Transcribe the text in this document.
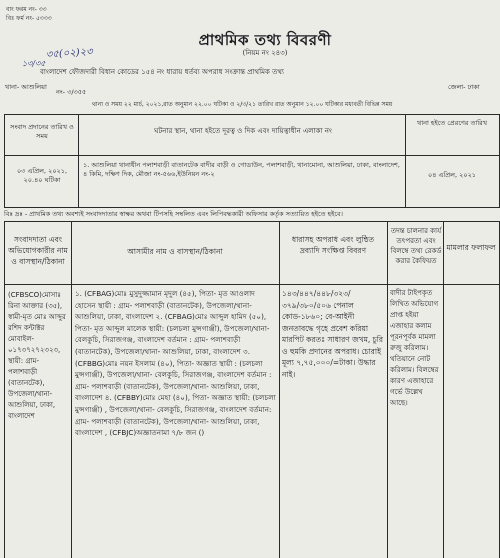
বাং ফরম নং- ৩৩
বিঃ ফর্ম নং- ৫৩৩৩
৩৫(০২)২৩
১৩/৩৫
প্রাথমিক তথ্য বিবরণী
(নিয়ম নং ২৪৩)
বাংলাদেশ ফৌজদারী বিধান কোডের ১৫৪ নং ধারায় ধর্তব্য অপরাধ সংক্রান্ত প্রাথমিক তথ্য
থানা- আশুলিয়া
নং- ৩/৩৫৫
জেলা- ঢাকা
থানা ও সময় ২২ মার্চ, ২০২১,রাত অনুমান ২২.০০ ঘটিকা ও ২/৩/২১ তারিখ রাত অনুমান ১২.০০ ঘটিকার মধ্যবর্তী বিভিন্ন সময়
সংবাদ প্রদানের তারিখ ও সময়
ঘটনার স্থান, থানা হইতে দূরত্ব ও দিক এবং দায়িত্বাধীন এলাকা নং
থানা হইতে প্রেরণের তারিখ
০৩ এপ্রিল, ২০২১, ২০.৪০ ঘটিকা
১. আশুলিয়া থানাধীন পলাশবাড়ী বাতানটেক বাদীর বাড়ী ও গোডাউন, পলাশবাড়ী, থানামোনা, আশুলিয়া, ঢাকা, বাংলাদেশ, ৪ কিমি, দক্ষিণ দিক, মৌজা নং-৫৬৬,ইউনিয়ন নং-২	০৪ এপ্রিল, ২০২১
বিঃ দ্রঃ - প্রাথমিক তথ্য অবশ্যই সংবাদদাতার স্বাক্ষর অথবা টিপসহি সম্বলিত এবং লিপিবদ্ধকারী অফিসার কর্তৃক সত্যায়িত হইতে হইবে।
সংবাদদাতা এবং অভিযোগকারীর নাম ও বাসস্থান/ঠিকানা
আসামীর নাম ও বাসস্থান/ঠিকানা
ধারাসহ অপরাধ এবং লুন্ঠিত দ্রব্যাদি সংক্ষিপ্ত বিবরণ
তদন্ত চালনার কার্য তৎপরতা এবং বিলম্বে তথ্য রেকর্ড করার কৈফিয়ত
মামলার ফলাফল
(CFBSCO)মোসাঃ রিনা আক্তার (৩৫), স্বামী-মৃত মোঃ আব্দুর রশিদ কন্টাক্টর মোবাইল- ০১৭৩৭২৭২৩২৩, স্থায়ী: গ্রাম- পলাশবাড়ী (বাতানটেক), উপজেলা/থানা- আশুলিয়া, ঢাকা, বাংলাদেশ
১. (CFBAG)মোঃ মুসুদুজ্জামান মৃদুল (৪৫), পিতা- মৃত আওলাদ হোসেন স্থায়ী : গ্রাম- পলাশবাড়ী (বাতানটেক), উপজেলা/থানা- আশুলিয়া, ঢাকা, বাংলাদেশ ২. (CFBAG)মোঃ আব্দুল হামিদ (৫০), পিতা- মৃত আব্দুল মালেক স্থায়ী: (চলচলা মুন্সগাঞ্জী), উপজেলা/থানা- বেলকুচি, সিরাজগঞ্জ, বাংলাদেশ বর্তমান : গ্রাম- পলাশবাড়ী (বাতানটেক), উপজেলা/থানা- আশুলিয়া, ঢাকা, বাংলাদেশ ৩. (CFBBG)মোঃ নয়ন ইসলাম (৪০), পিতা- অজ্ঞাত স্থায়ী : (চলচলা মুন্সগাঞ্জী), উপজেলা/থানা- বেলকুচি, সিরাজগঞ্জ, বাংলাদেশ বর্তমান : গ্রাম- পলাশবাড়ী (বাতানটেক), উপজেলা/থানা- আশুলিয়া, ঢাকা, বাংলাদেশ ৪. (CFBBY)মোঃ মেহা (৪০), পিতা- অজ্ঞাত স্থায়ী: (চলচলা মুন্সগাঞ্জী) , উপজেলা/থানা- বেলকুচি, সিরাজগঞ্জ, বাংলাদেশ বর্তমান: গ্রাম- পলাশবাড়ী (বাতানটেক), উপজেলা/থানা- আশুলিয়া, ঢাকা, বাংলাদেশ , (CFBJC)অজ্ঞাতনামা ৭/৮ জন ()
১৪৩/৪৪৭/৪৪৮/৩২৩/ ৩৭৯/৩৮০/৫০৬ পেনাল কোড-১৮৬০; বে-আইনী জনতাবদ্ধে গৃহে প্রবেশ করিয়া মারপিট করতঃ সাধারণ জখম, চুরি ও হুমকি প্রদানের অপরাধ। চোরাই মূল্য ৭,৭৫,০০০/=টাকা। উদ্ধার নাই।
বাদীর টাইপকৃত লিখিত অভিযোগ প্রাপ্ত হইয়া এজাহার কলাম পূরনপূর্বক মামলা রুজু করিলাম। থতিয়ানে নোট করিলাম। বিলম্বের কারণ এজাহারে গর্ভে উল্লেখ আছে।
